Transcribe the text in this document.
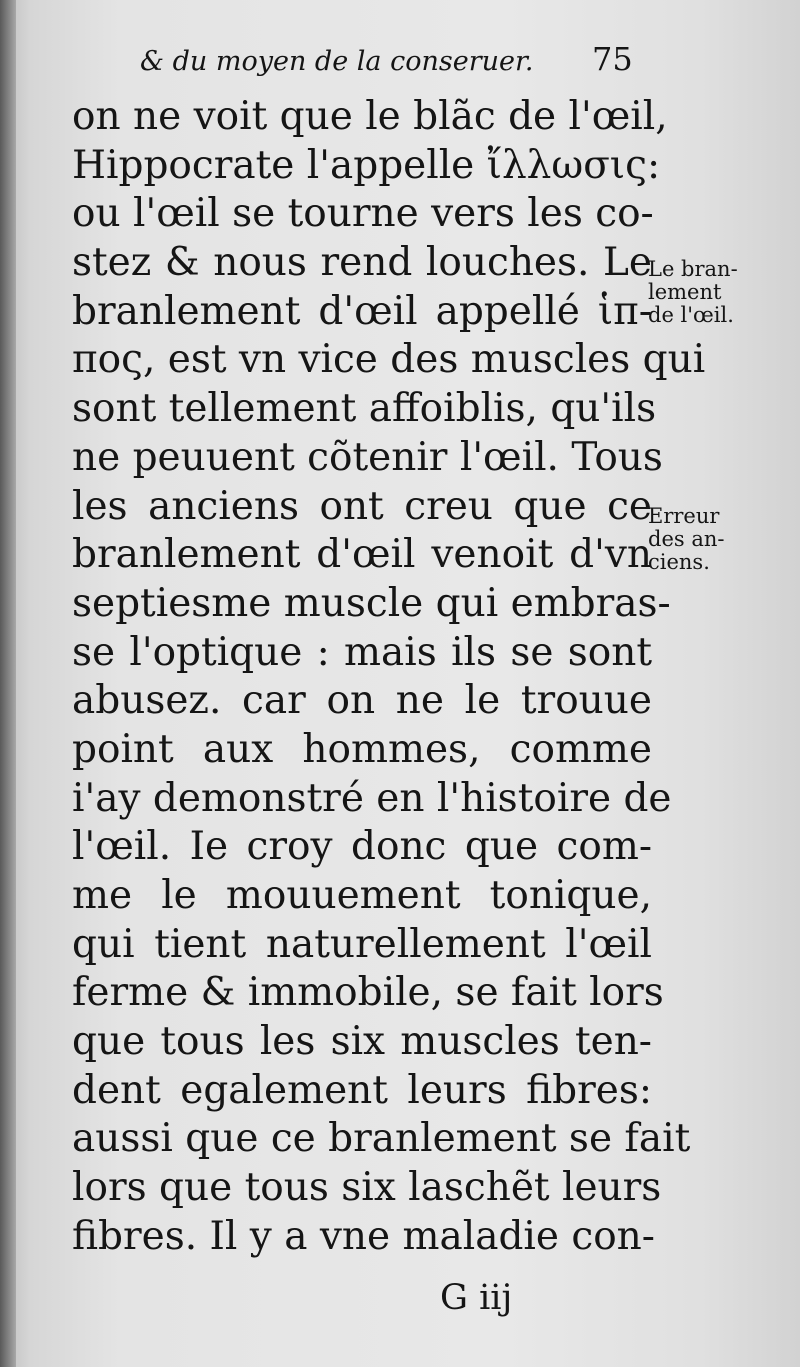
& du moyen de la conseruer. 75
on ne voit que le blãc de l'œil,
Hippocrate l'appelle ἴλλωσις:
ou l'œil se tourne vers les co-
stez & nous rend louches. Le
branlement d'œil appellé ἱπ-
πος, est vn vice des muscles qui
sont tellement affoiblis, qu'ils
ne peuuent cõtenir l'œil. Tous
les anciens ont creu que ce
branlement d'œil venoit d'vn
septiesme muscle qui embras-
se l'optique : mais ils se sont
abusez. car on ne le trouue
point aux hommes, comme
i'ay demonstré en l'histoire de
l'œil. Ie croy donc que com-
me le mouuement tonique,
qui tient naturellement l'œil
ferme & immobile, se fait lors
que tous les six muscles ten-
dent egalement leurs fibres:
aussi que ce branlement se fait
lors que tous six laschẽt leurs
fibres. Il y a vne maladie con-
Le bran-
lement
de l'œil.
Erreur
des an-
ciens.
G iij
